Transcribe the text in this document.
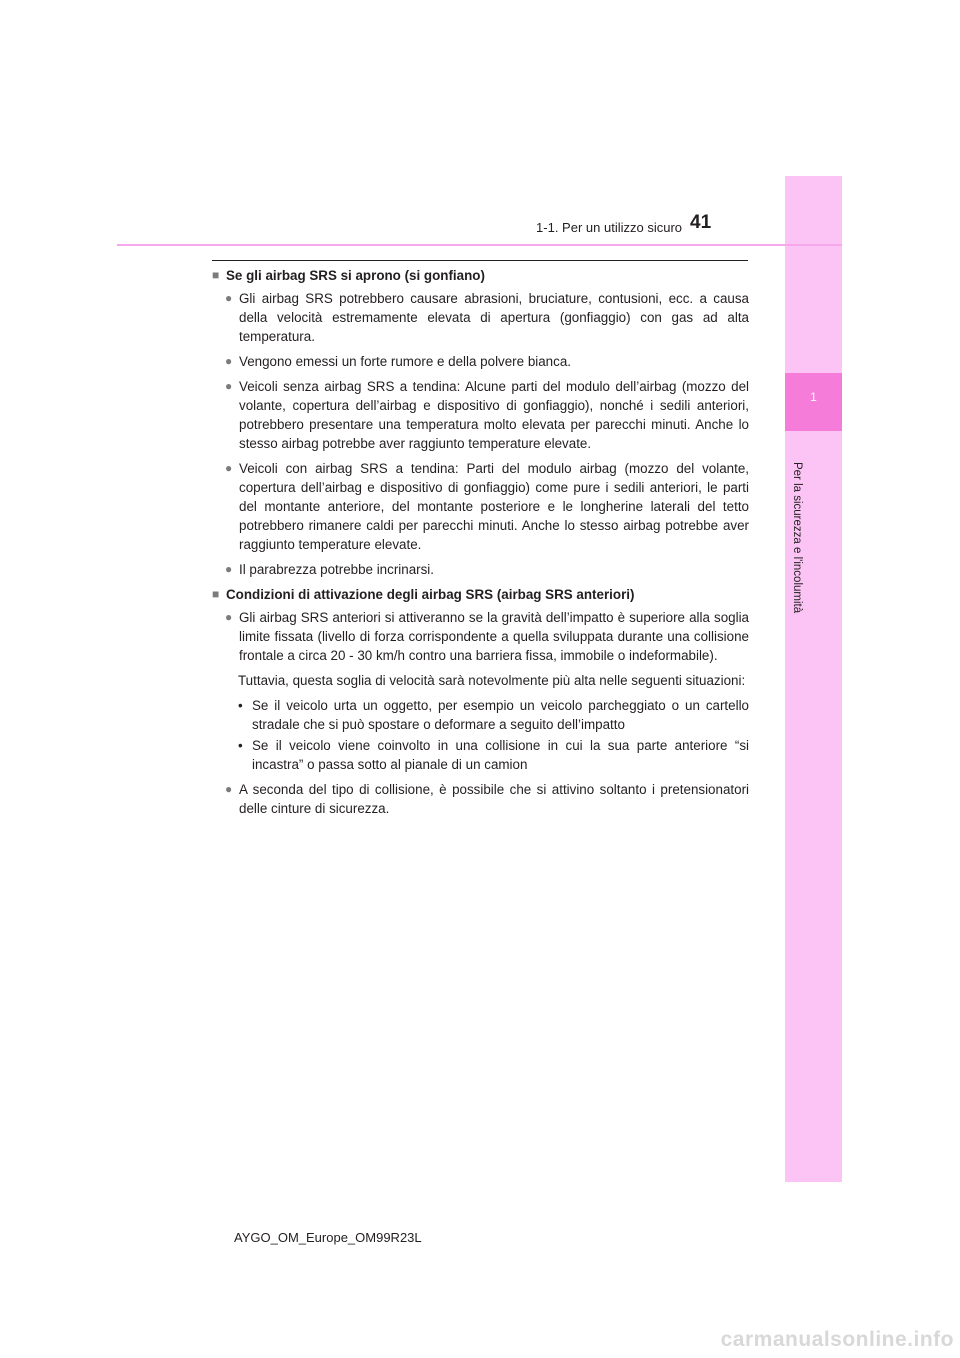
1
Per la sicurezza e l'incolumità
1-1. Per un utilizzo sicuro 41
■ Se gli airbag SRS si aprono (si gonfiano)
● Gli airbag SRS potrebbero causare abrasioni, bruciature, contusioni, ecc. a causa della velocità estremamente elevata di apertura (gonfiaggio) con gas ad alta temperatura.
● Vengono emessi un forte rumore e della polvere bianca.
● Veicoli senza airbag SRS a tendina: Alcune parti del modulo dell’airbag (mozzo del volante, copertura dell’airbag e dispositivo di gonfiaggio), nonché i sedili anteriori, potrebbero presentare una temperatura molto elevata per parecchi minuti. Anche lo stesso airbag potrebbe aver raggiunto temperature elevate.
● Veicoli con airbag SRS a tendina: Parti del modulo airbag (mozzo del volante, copertura dell’airbag e dispositivo di gonfiaggio) come pure i sedili anteriori, le parti del montante anteriore, del montante posteriore e le longherine laterali del tetto potrebbero rimanere caldi per parecchi minuti. Anche lo stesso airbag potrebbe aver raggiunto temperature elevate.
● Il parabrezza potrebbe incrinarsi.
■ Condizioni di attivazione degli airbag SRS (airbag SRS anteriori)
● Gli airbag SRS anteriori si attiveranno se la gravità dell’impatto è superiore alla soglia limite fissata (livello di forza corrispondente a quella sviluppata durante una collisione frontale a circa 20 - 30 km/h contro una barriera fissa, immobile o indeformabile).
Tuttavia, questa soglia di velocità sarà notevolmente più alta nelle seguenti situazioni:
• Se il veicolo urta un oggetto, per esempio un veicolo parcheggiato o un cartello stradale che si può spostare o deformare a seguito dell’impatto
• Se il veicolo viene coinvolto in una collisione in cui la sua parte anteriore “si incastra” o passa sotto al pianale di un camion
● A seconda del tipo di collisione, è possibile che si attivino soltanto i pretensionatori delle cinture di sicurezza.
AYGO_OM_Europe_OM99R23L
carmanualsonline.info
